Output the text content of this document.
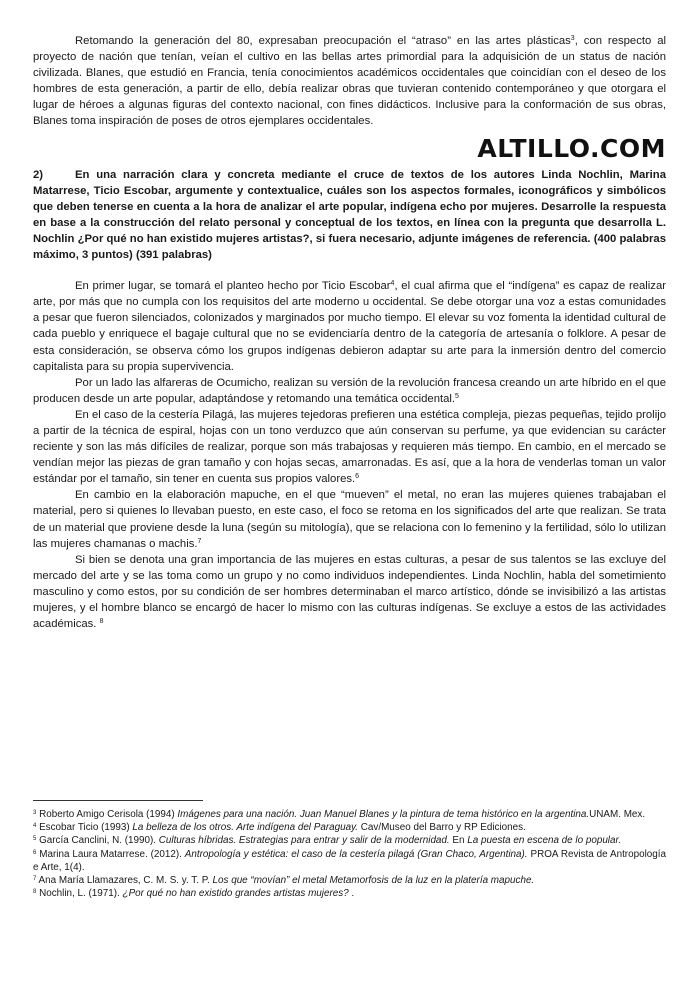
Retomando la generación del 80, expresaban preocupación el “atraso” en las artes plásticas$^3$, con respecto al proyecto de nación que tenían, veían el cultivo en las bellas artes primordial para la adquisición de un status de nación civilizada. Blanes, que estudió en Francia, tenía conocimientos académicos occidentales que coincidían con el deseo de los hombres de esta generación, a partir de ello, debía realizar obras que tuvieran contenido contemporáneo y que otorgara el lugar de héroes a algunas figuras del contexto nacional, con fines didácticos. Inclusive para la conformación de sus obras, Blanes toma inspiración de poses de otros ejemplares occidentales.

ALTILLO.COM

2)	En una narración clara y concreta mediante el cruce de textos de los autores Linda Nochlin, Marina Matarrese, Ticio Escobar, argumente y contextualice, cuáles son los aspectos formales, iconográficos y simbólicos que deben tenerse en cuenta a la hora de analizar el arte popular, indígena echo por mujeres. Desarrolle la respuesta en base a la construcción del relato personal y conceptual de los textos, en línea con la pregunta que desarrolla L. Nochlin ¿Por qué no han existido mujeres artistas?, si fuera necesario, adjunte imágenes de referencia. (400 palabras máximo, 3 puntos) (391 palabras)

En primer lugar, se tomará el planteo hecho por Ticio Escobar$^4$, el cual afirma que el “indígena” es capaz de realizar arte, por más que no cumpla con los requisitos del arte moderno u occidental. Se debe otorgar una voz a estas comunidades a pesar que fueron silenciados, colonizados y marginados por mucho tiempo. El elevar su voz fomenta la identidad cultural de cada pueblo y enriquece el bagaje cultural que no se evidenciaría dentro de la categoría de artesanía o folklore. A pesar de esta consideración, se observa cómo los grupos indígenas debieron adaptar su arte para la inmersión dentro del comercio capitalista para su propia supervivencia.

Por un lado las alfareras de Ocumicho, realizan su versión de la revolución francesa creando un arte híbrido en el que producen desde un arte popular, adaptándose y retomando una temática occidental.$^5$

En el caso de la cestería Pilagá, las mujeres tejedoras prefieren una estética compleja, piezas pequeñas, tejido prolijo a partir de la técnica de espiral, hojas con un tono verduzco que aún conservan su perfume, ya que evidencian su carácter reciente y son las más difíciles de realizar, porque son más trabajosas y requieren más tiempo. En cambio, en el mercado se vendían mejor las piezas de gran tamaño y con hojas secas, amarronadas. Es así, que a la hora de venderlas toman un valor estándar por el tamaño, sin tener en cuenta sus propios valores.$^6$

En cambio en la elaboración mapuche, en el que “mueven” el metal, no eran las mujeres quienes trabajaban el material, pero si quienes lo llevaban puesto, en este caso, el foco se retoma en los significados del arte que realizan. Se trata de un material que proviene desde la luna (según su mitología), que se relaciona con lo femenino y la fertilidad, sólo lo utilizan las mujeres chamanas o machis.$^7$

Si bien se denota una gran importancia de las mujeres en estas culturas, a pesar de sus talentos se las excluye del mercado del arte y se las toma como un grupo y no como individuos independientes. Linda Nochlin, habla del sometimiento masculino y como estos, por su condición de ser hombres determinaban el marco artístico, dónde se invisibilizó a las artistas mujeres, y el hombre blanco se encargó de hacer lo mismo con las culturas indígenas. Se excluye a estos de las actividades académicas. $^8$

$^3$ Roberto Amigo Cerisola (1994) Imágenes para una nación. Juan Manuel Blanes y la pintura de tema histórico en la argentina.UNAM. Mex.

$^4$ Escobar Ticio (1993) La belleza de los otros. Arte indígena del Paraguay. Cav/Museo del Barro y RP Ediciones.

$^5$ García Canclini, N. (1990). Culturas híbridas. Estrategias para entrar y salir de la modernidad. En La puesta en escena de lo popular.

$^6$ Marina Laura Matarrese. (2012). Antropología y estética: el caso de la cestería pilagá (Gran Chaco, Argentina). PROA Revista de Antropología e Arte, 1(4).

$^7$ Ana María Llamazares, C. M. S. y. T. P. Los que “movían” el metal Metamorfosis de la luz en la platería mapuche.

$^8$ Nochlin, L. (1971). ¿Por qué no han existido grandes artistas mujeres? .
